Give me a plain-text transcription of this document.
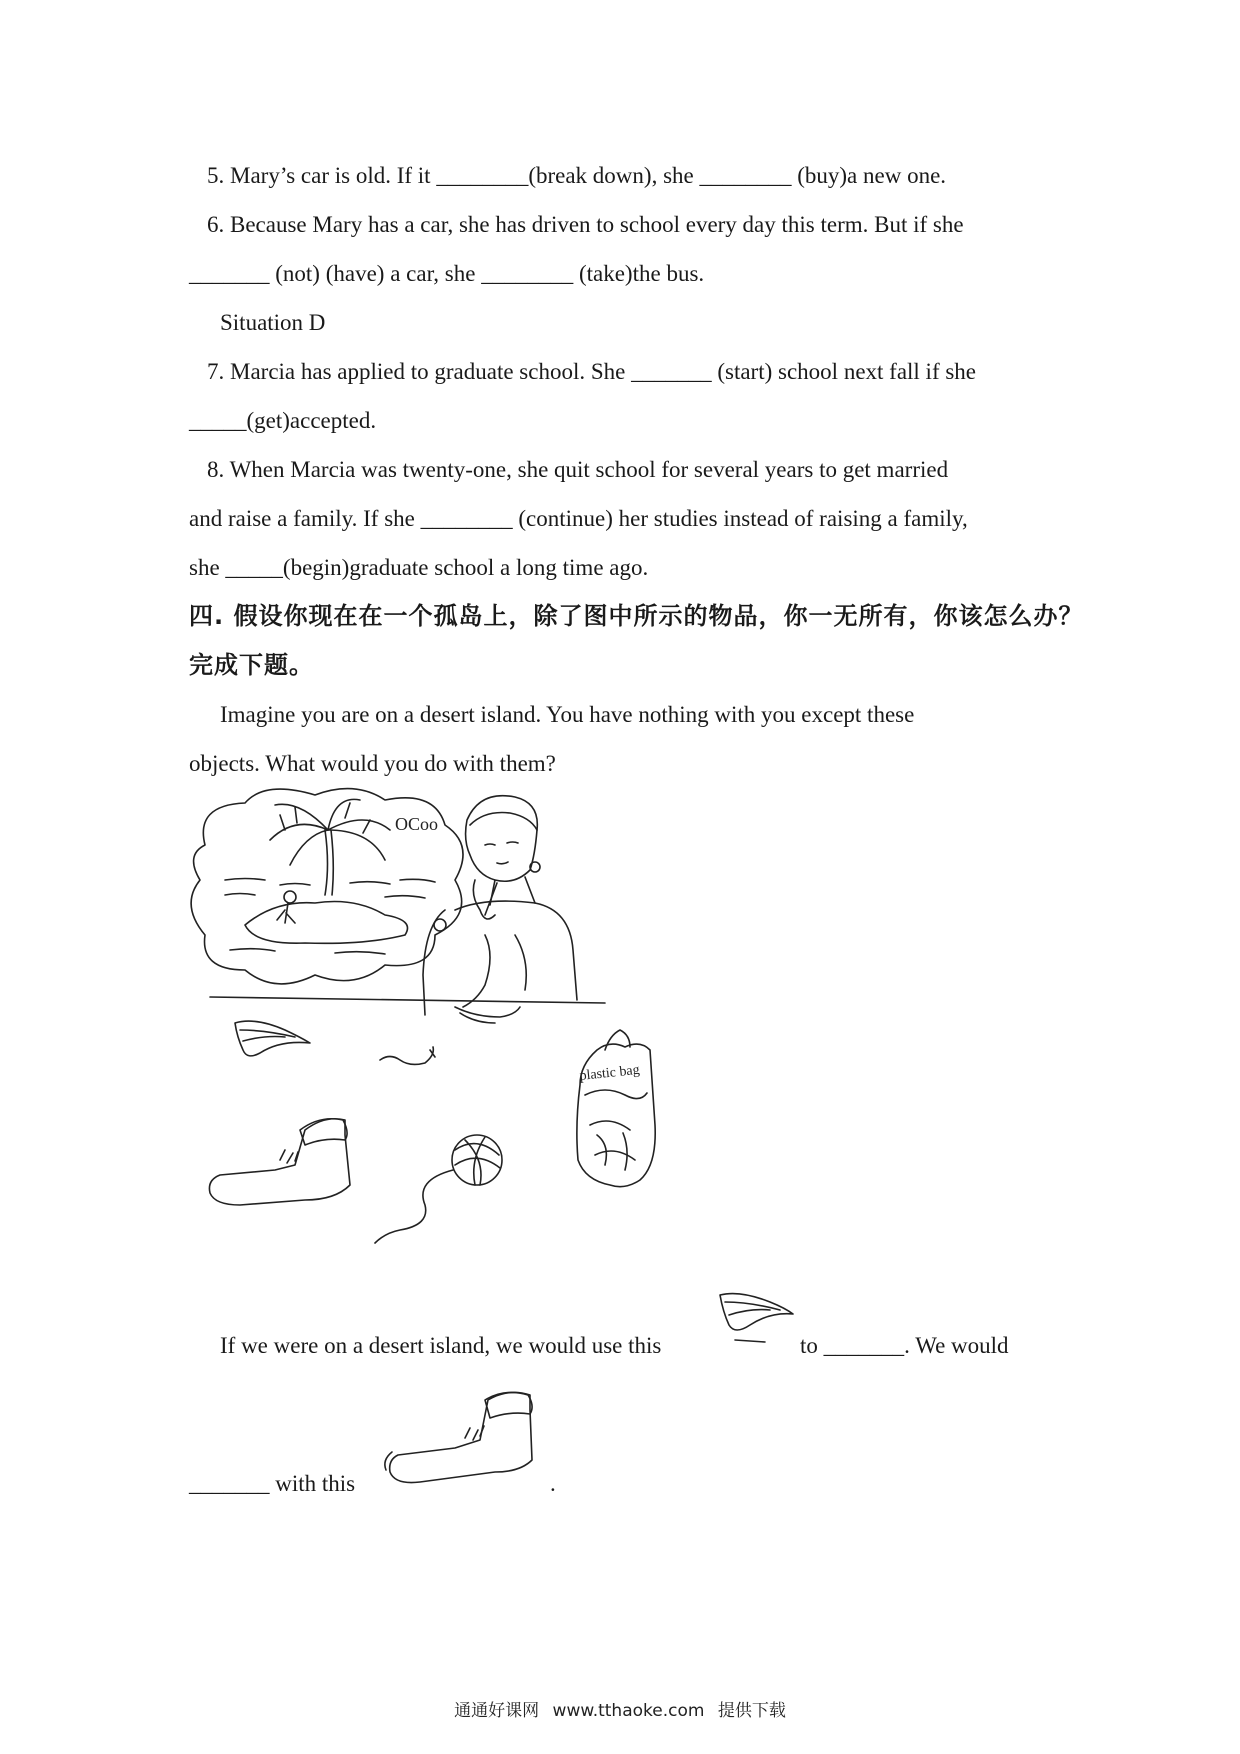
5. Mary’s car is old. If it ________(break down), she ________ (buy)a new one.
6. Because Mary has a car, she has driven to school every day this term. But if she
_______ (not) (have) a car, she ________ (take)the bus.
Situation D
7. Marcia has applied to graduate school. She _______ (start) school next fall if she
_____(get)accepted.
8. When Marcia was twenty-one, she quit school for several years to get married
and raise a family. If she ________ (continue) her studies instead of raising a family,
she _____(begin)graduate school a long time ago.
四. 假设你现在在一个孤岛上，除了图中所示的物品，你一无所有，你该怎么办？
完成下题。
Imagine you are on a desert island. You have nothing with you except these
objects. What would you do with them?
OCoo
plastic bag
If we were on a desert island, we would use this	to _______. We would
_______ with this	.
通通好课网 www.tthaoke.com 提供下载
